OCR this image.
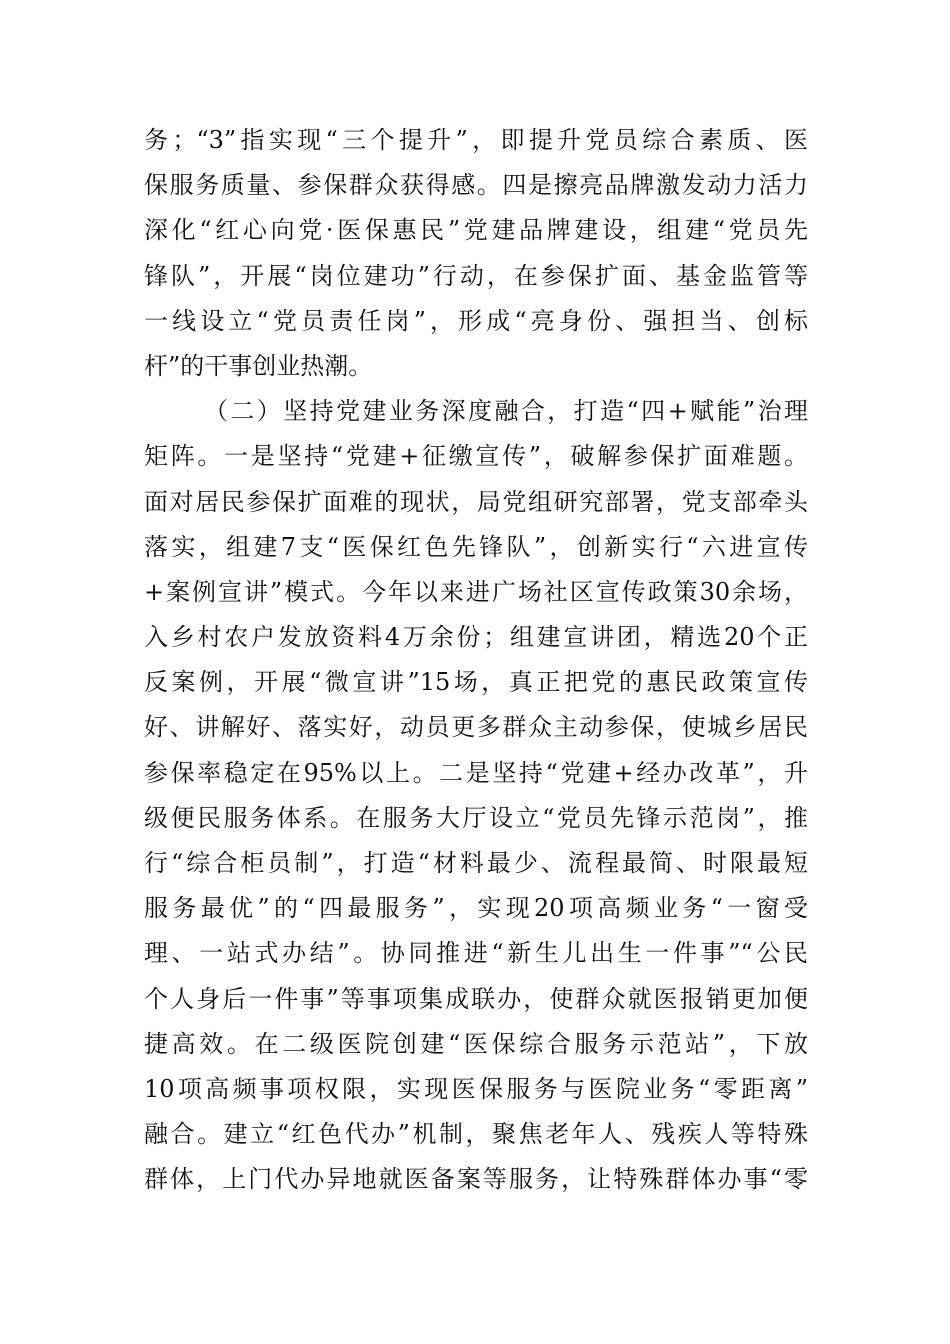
务；“3”指实现“三个提升”，即提升党员综合素质、医
保服务质量、参保群众获得感。四是擦亮品牌激发动力活力
深化“红心向党·医保惠民”党建品牌建设，组建“党员先
锋队”，开展“岗位建功”行动，在参保扩面、基金监管等
一线设立“党员责任岗”，形成“亮身份、强担当、创标
杆”的干事创业热潮。
（二）坚持党建业务深度融合，打造“四+赋能”治理
矩阵。一是坚持“党建+征缴宣传”，破解参保扩面难题。
面对居民参保扩面难的现状，局党组研究部署，党支部牵头
落实，组建7支“医保红色先锋队”，创新实行“六进宣传
+案例宣讲”模式。今年以来进广场社区宣传政策30余场，
入乡村农户发放资料4万余份；组建宣讲团，精选20个正
反案例，开展“微宣讲”15场，真正把党的惠民政策宣传
好、讲解好、落实好，动员更多群众主动参保，使城乡居民
参保率稳定在95%以上。二是坚持“党建+经办改革”，升
级便民服务体系。在服务大厅设立“党员先锋示范岗”，推
行“综合柜员制”，打造“材料最少、流程最简、时限最短
服务最优”的“四最服务”，实现20项高频业务“一窗受
理、一站式办结”。协同推进“新生儿出生一件事”“公民
个人身后一件事”等事项集成联办，使群众就医报销更加便
捷高效。在二级医院创建“医保综合服务示范站”，下放
10项高频事项权限，实现医保服务与医院业务“零距离”
融合。建立“红色代办”机制，聚焦老年人、残疾人等特殊
群体，上门代办异地就医备案等服务，让特殊群体办事“零
